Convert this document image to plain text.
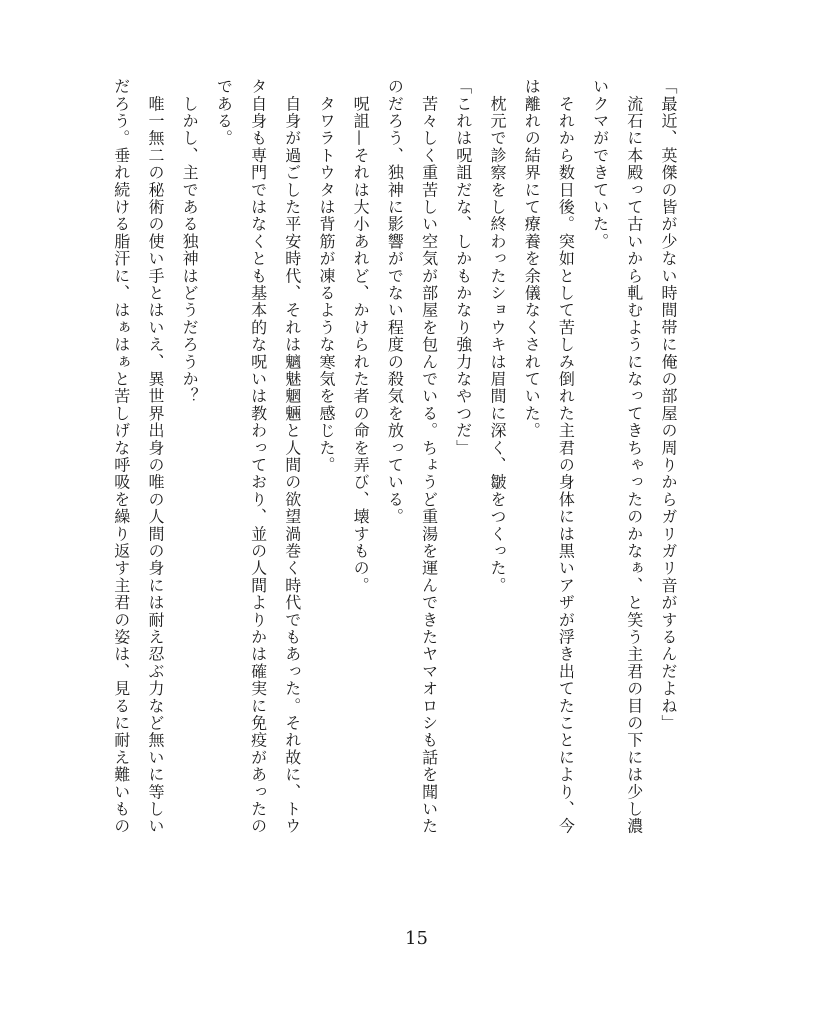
「最近、英傑の皆が少ない時間帯に俺の部屋の周りからガリガリ音がするんだよね」

　流石に本殿って古いから軋むようになってきちゃったのかなぁ、と笑う主君の目の下には少し濃

いクマができていた。

　それから数日後。突如として苦しみ倒れた主君の身体には黒いアザが浮き出てたことにより、今

は離れの結界にて療養を余儀なくされていた。

　枕元で診察をし終わったショウキは眉間に深く、皺をつくった。

「これは呪詛だな、しかもかなり強力なやつだ」

　苦々しく重苦しい空気が部屋を包んでいる。ちょうど重湯を運んできたヤマオロシも話を聞いた

のだろう、独神に影響がでない程度の殺気を放っている。

　呪詛—それは大小あれど、かけられた者の命を弄び、壊すもの。

　タワラトウタは背筋が凍るような寒気を感じた。

　自身が過ごした平安時代、それは魑魅魍魎と人間の欲望渦巻く時代でもあった。それ故に、トウ

タ自身も専門ではなくとも基本的な呪いは教わっており、並の人間よりかは確実に免疫があったの

である。

　しかし、主である独神はどうだろうか？

　唯一無二の秘術の使い手とはいえ、異世界出身の唯の人間の身には耐え忍ぶ力など無いに等しい

だろう。垂れ続ける脂汗に、はぁはぁと苦しげな呼吸を繰り返す主君の姿は、見るに耐え難いもの

15
